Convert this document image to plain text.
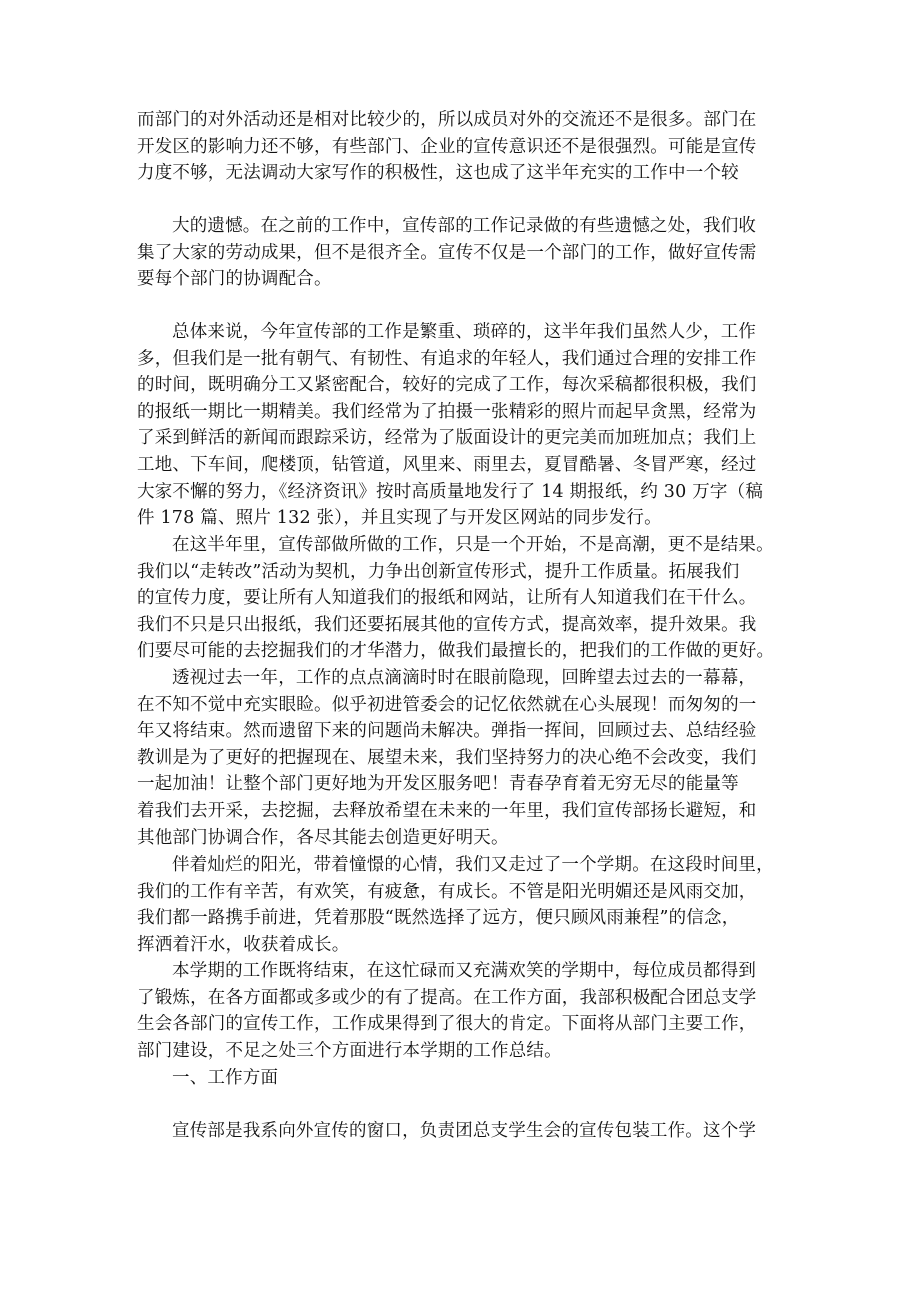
而部门的对外活动还是相对比较少的，所以成员对外的交流还不是很多。部门在
开发区的影响力还不够，有些部门、企业的宣传意识还不是很强烈。可能是宣传
力度不够，无法调动大家写作的积极性，这也成了这半年充实的工作中一个较

大的遗憾。在之前的工作中，宣传部的工作记录做的有些遗憾之处，我们收
集了大家的劳动成果，但不是很齐全。宣传不仅是一个部门的工作，做好宣传需
要每个部门的协调配合。

总体来说，今年宣传部的工作是繁重、琐碎的，这半年我们虽然人少，工作
多，但我们是一批有朝气、有韧性、有追求的年轻人，我们通过合理的安排工作
的时间，既明确分工又紧密配合，较好的完成了工作，每次采稿都很积极，我们
的报纸一期比一期精美。我们经常为了拍摄一张精彩的照片而起早贪黑，经常为
了采到鲜活的新闻而跟踪采访，经常为了版面设计的更完美而加班加点；我们上
工地、下车间，爬楼顶，钻管道，风里来、雨里去，夏冒酷暑、冬冒严寒，经过
大家不懈的努力，《经济资讯》按时高质量地发行了 14 期报纸，约 30 万字（稿
件 178 篇、照片 132 张），并且实现了与开发区网站的同步发行。

在这半年里，宣传部做所做的工作，只是一个开始，不是高潮，更不是结果。
我们以“走转改”活动为契机，力争出创新宣传形式，提升工作质量。拓展我们
的宣传力度，要让所有人知道我们的报纸和网站，让所有人知道我们在干什么。
我们不只是只出报纸，我们还要拓展其他的宣传方式，提高效率，提升效果。我
们要尽可能的去挖掘我们的才华潜力，做我们最擅长的，把我们的工作做的更好。

透视过去一年，工作的点点滴滴时时在眼前隐现，回眸望去过去的一幕幕，
在不知不觉中充实眼睑。似乎初进管委会的记忆依然就在心头展现！而匆匆的一
年又将结束。然而遗留下来的问题尚未解决。弹指一挥间，回顾过去、总结经验
教训是为了更好的把握现在、展望未来，我们坚持努力的决心绝不会改变，我们
一起加油！让整个部门更好地为开发区服务吧！青春孕育着无穷无尽的能量等
着我们去开采，去挖掘，去释放希望在未来的一年里，我们宣传部扬长避短，和
其他部门协调合作，各尽其能去创造更好明天。

伴着灿烂的阳光，带着憧憬的心情，我们又走过了一个学期。在这段时间里，
我们的工作有辛苦，有欢笑，有疲惫，有成长。不管是阳光明媚还是风雨交加，
我们都一路携手前进，凭着那股“既然选择了远方，便只顾风雨兼程”的信念，
挥洒着汗水，收获着成长。

本学期的工作既将结束，在这忙碌而又充满欢笑的学期中，每位成员都得到
了锻炼，在各方面都或多或少的有了提高。在工作方面，我部积极配合团总支学
生会各部门的宣传工作，工作成果得到了很大的肯定。下面将从部门主要工作，
部门建设，不足之处三个方面进行本学期的工作总结。

一、工作方面

宣传部是我系向外宣传的窗口，负责团总支学生会的宣传包装工作。这个学
